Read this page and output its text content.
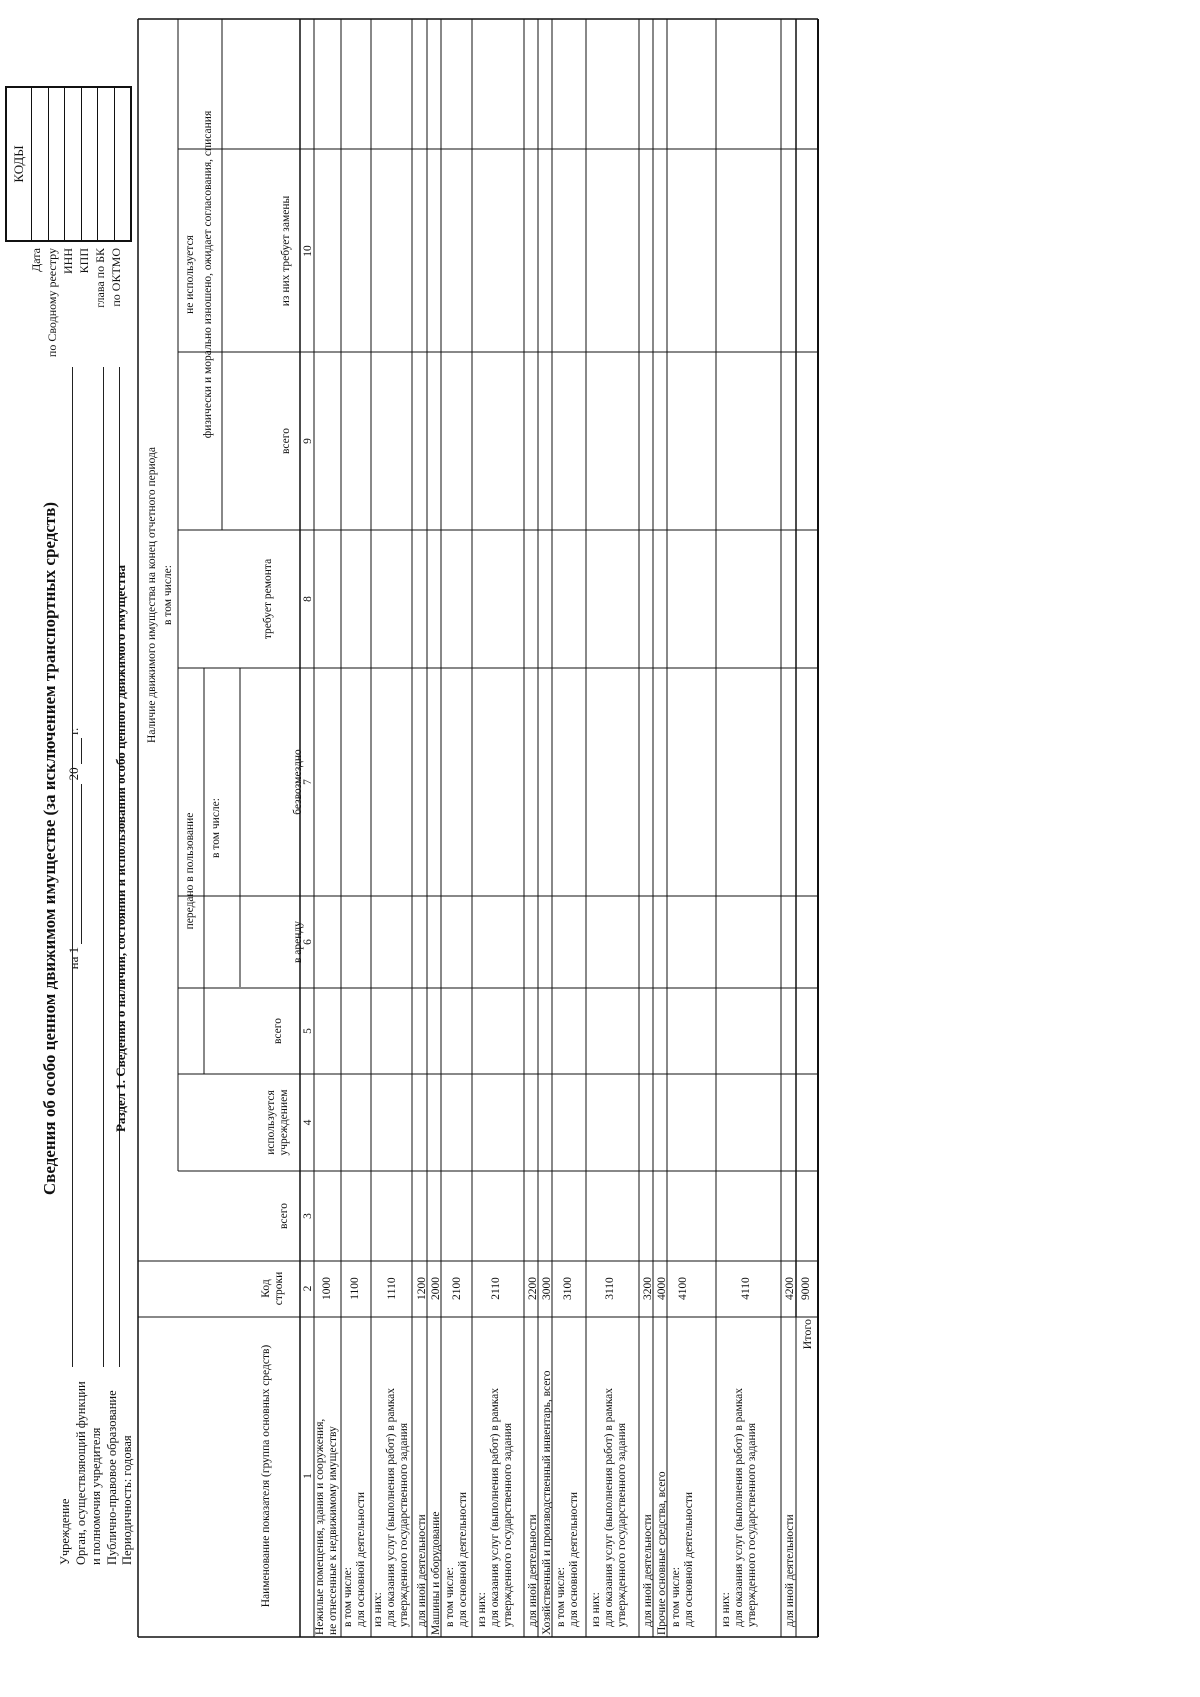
Дата по Сводному реестру ИНН КПП глава по БК по ОКТМО
КОДЫ
Сведения об особо ценном движимом имуществе (за исключением транспортных средств) на 1  20  г.
Учреждение Орган, осуществляющий функции и полномочия учредителя Публично-правовое образование Периодичность: годовая
Раздел 1. Сведения о наличии, состоянии и использовании особо ценного движимого имущества
Наименование показателя (группа основных средств)
Код строки
всего
Наличие движимого имущества на конец отчетного периода в том числе:
используется учреждением
передано в пользование
всего
в том числе:
в аренду
безвозмездно
требует ремонта
не используется физически и морально изношено, ожидает согласования, списания
всего
из них требует замены
1
2
3
4
5
6
7
8
9
10
Нежилые помещения, здания и сооружения, не отнесенные к недвижимому имуществу
1000
в том числе: для основной деятельности
1100
из них: для оказания услуг (выполнения работ) в рамках утвержденного государственного задания
1110
для иной деятельности
1200
Машины и оборудование
2000
в том числе: для основной деятельности
2100
из них: для оказания услуг (выполнения работ) в рамках утвержденного государственного задания
2110
для иной деятельности
2200
Хозяйственный и производственный инвентарь, всего
3000
в том числе: для основной деятельности
3100
из них: для оказания услуг (выполнения работ) в рамках утвержденного государственного задания
3110
для иной деятельности
3200
Прочие основные средства, всего
4000
в том числе: для основной деятельности
4100
из них: для оказания услуг (выполнения работ) в рамках утвержденного государственного задания
4110
для иной деятельности
4200
Итого
9000
